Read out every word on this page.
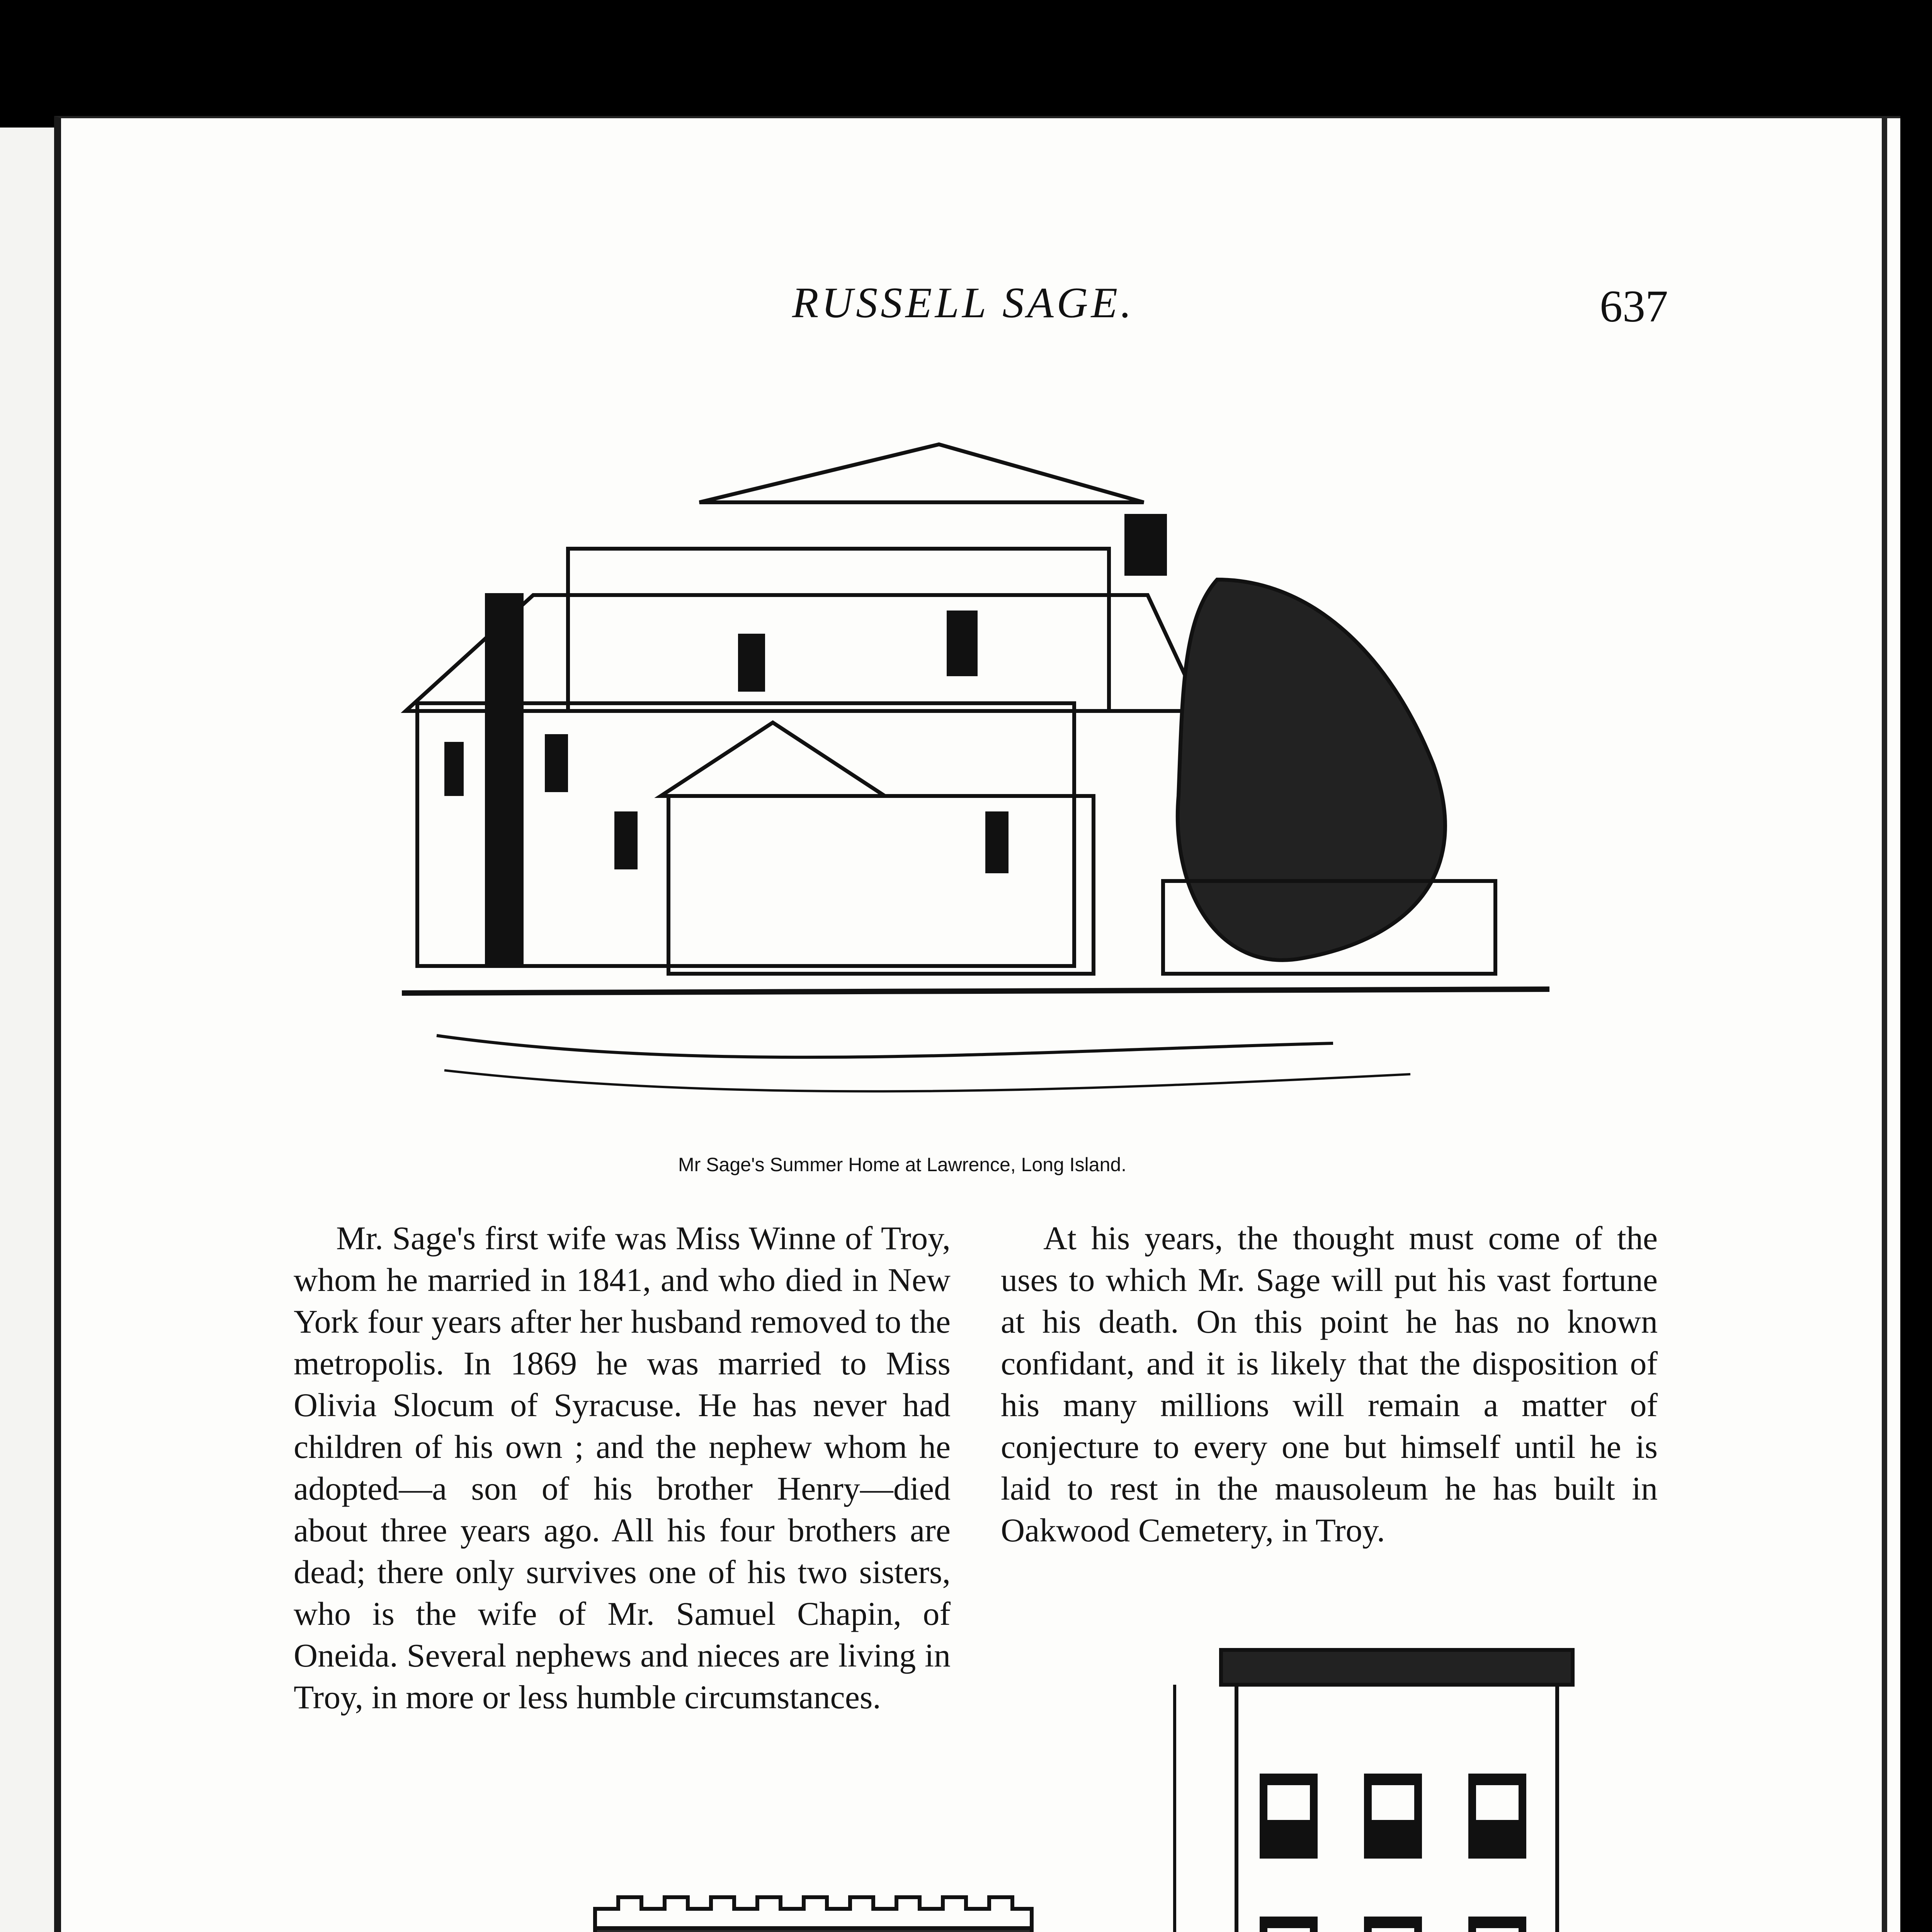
RUSSELL SAGE.	637
Mr Sage's Summer Home at Lawrence, Long Island.

Mr. Sage's first wife was Miss Winne of Troy, whom he married in 1841, and who died in New York four years after her husband removed to the metropolis. In 1869 he was married to Miss Olivia Slocum of Syracuse. He has never had children of his own ; and the nephew whom he adopted—a son of his brother Henry—died about three years ago. All his four brothers are dead; there only survives one of his two sisters, who is the wife of Mr. Samuel Chapin, of Oneida. Several nephews and nieces are living in Troy, in more or less humble circumstances.

At his years, the thought must come of the uses to which Mr. Sage will put his vast fortune at his death. On this point he has no known confidant, and it is likely that the disposition of his many millions will remain a matter of conjecture to every one but himself until he is laid to rest in the mausoleum he has built in Oakwood Cemetery, in Troy.
